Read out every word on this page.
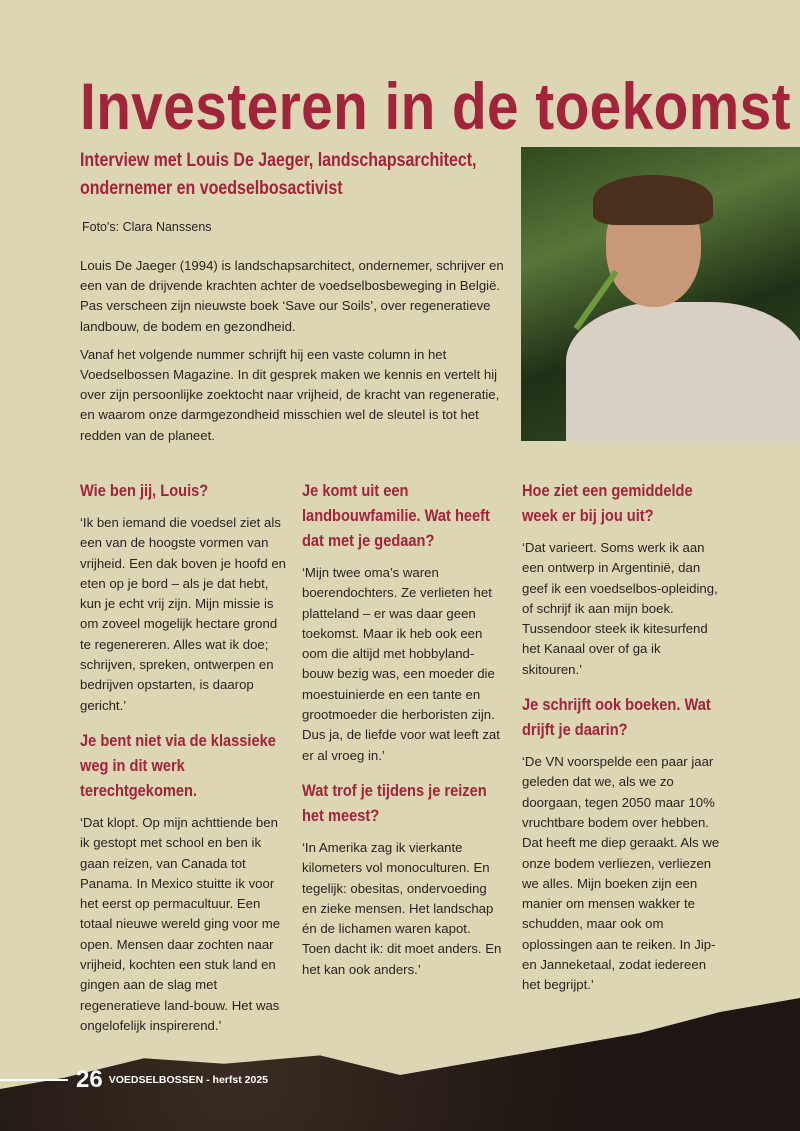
Investeren in de toekomst
Interview met Louis De Jaeger, landschapsarchitect, ondernemer en voedselbosactivist
Foto's: Clara Nanssens

Louis De Jaeger (1994) is landschapsarchitect, ondernemer, schrijver en een van de drijvende krachten achter de voedselbosbeweging in België. Pas verscheen zijn nieuwste boek ‘Save our Soils’, over regeneratieve landbouw, de bodem en gezondheid.

Vanaf het volgende nummer schrijft hij een vaste column in het Voedselbossen Magazine. In dit gesprek maken we kennis en vertelt hij over zijn persoonlijke zoektocht naar vrijheid, de kracht van regeneratie, en waarom onze darmgezondheid misschien wel de sleutel is tot het redden van de planeet.

Wie ben jij, Louis?

‘Ik ben iemand die voedsel ziet als een van de hoogste vormen van vrijheid. Een dak boven je hoofd en eten op je bord – als je dat hebt, kun je echt vrij zijn. Mijn missie is om zoveel mogelijk hectare grond te regenereren. Alles wat ik doe; schrijven, spreken, ontwerpen en bedrijven opstarten, is daarop gericht.’

Je bent niet via de klassieke weg in dit werk terechtgekomen.

‘Dat klopt. Op mijn achttiende ben ik gestopt met school en ben ik gaan reizen, van Canada tot Panama. In Mexico stuitte ik voor het eerst op permacultuur. Een totaal nieuwe wereld ging voor me open. Mensen daar zochten naar vrijheid, kochten een stuk land en gingen aan de slag met regeneratieve land-bouw. Het was ongelofelijk inspirerend.’

Je komt uit een landbouwfamilie. Wat heeft dat met je gedaan?

‘Mijn twee oma’s waren boerendochters. Ze verlieten het platteland – er was daar geen toekomst. Maar ik heb ook een oom die altijd met hobbyland-bouw bezig was, een moeder die moestuinierde en een tante en grootmoeder die herboristen zijn. Dus ja, de liefde voor wat leeft zat er al vroeg in.’

Wat trof je tijdens je reizen het meest?

‘In Amerika zag ik vierkante kilometers vol monoculturen. En tegelijk: obesitas, ondervoeding en zieke mensen. Het landschap én de lichamen waren kapot. Toen dacht ik: dit moet anders. En het kan ook anders.’

Hoe ziet een gemiddelde week er bij jou uit?

‘Dat varieert. Soms werk ik aan een ontwerp in Argentinië, dan geef ik een voedselbos-opleiding, of schrijf ik aan mijn boek. Tussendoor steek ik kitesurfend het Kanaal over of ga ik skitouren.’

Je schrijft ook boeken. Wat drijft je daarin?

‘De VN voorspelde een paar jaar geleden dat we, als we zo doorgaan, tegen 2050 maar 10% vruchtbare bodem over hebben. Dat heeft me diep geraakt. Als we onze bodem verliezen, verliezen we alles. Mijn boeken zijn een manier om mensen wakker te schudden, maar ook om oplossingen aan te reiken. In Jip-en Janneketaal, zodat iedereen het begrijpt.’

26 VOEDSELBOSSEN - herfst 2025
